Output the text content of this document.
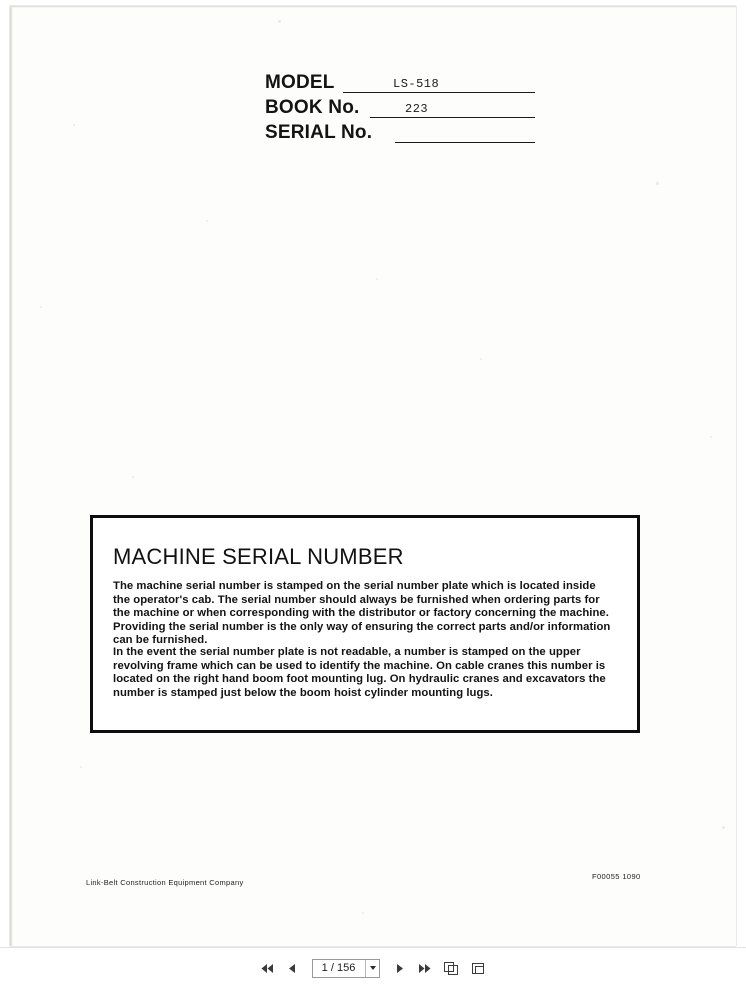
MODEL	LS-518
BOOK No.	223
SERIAL No.
MACHINE SERIAL NUMBER
The machine serial number is stamped on the serial number plate which is located inside the operator's cab. The serial number should always be furnished when ordering parts for the machine or when corresponding with the distributor or factory concerning the machine. Providing the serial number is the only way of ensuring the correct parts and/or information can be furnished.
In the event the serial number plate is not readable, a number is stamped on the upper revolving frame which can be used to identify the machine. On cable cranes this number is located on the right hand boom foot mounting lug. On hydraulic cranes and excavators the number is stamped just below the boom hoist cylinder mounting lugs.
Link-Belt Construction Equipment Company
F00055 1090
1 / 156
